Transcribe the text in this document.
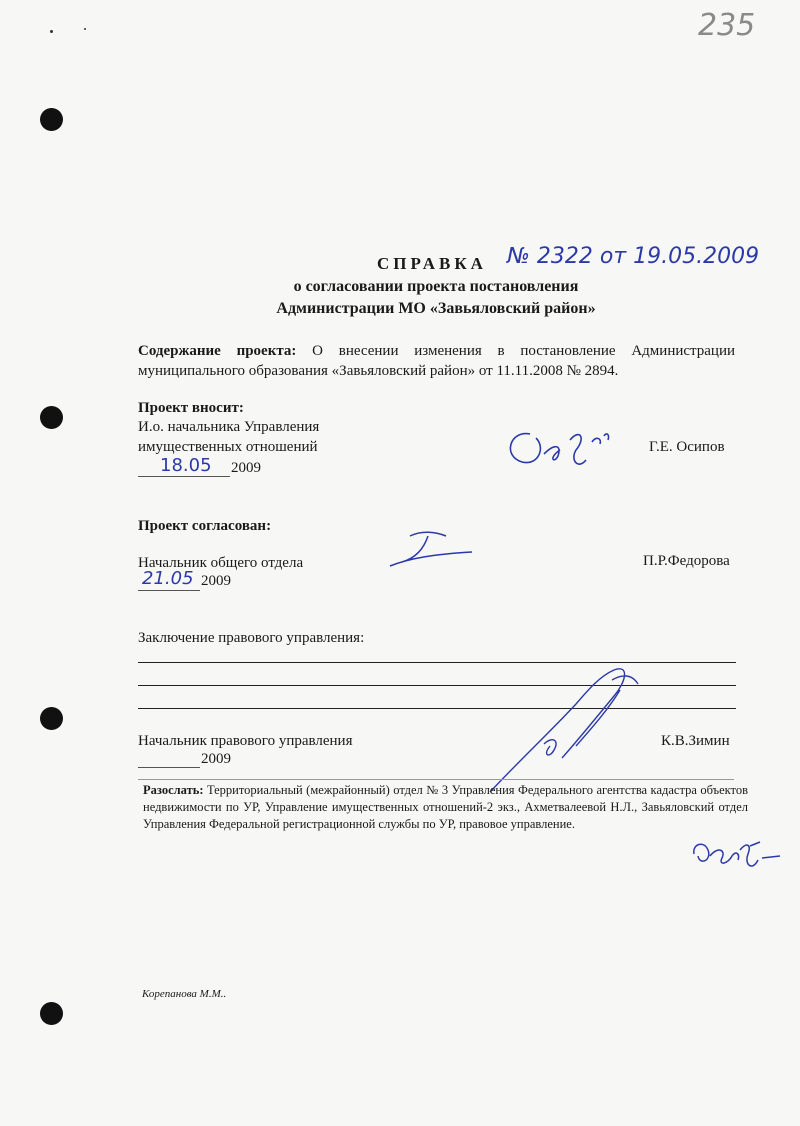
235
СПРАВКА № 2322 от 19.05.2009
о согласовании проекта постановления
Администрации МО «Завьяловский район»
Содержание проекта: О внесении изменения в постановление Администрации муниципального образования «Завьяловский район» от 11.11.2008 № 2894.
Проект вносит:
И.о. начальника Управления
имущественных отношений
18.05 2009
Г.Е. Осипов
Проект согласован:
Начальник общего отдела
21.05 2009
П.Р.Федорова
Заключение правового управления:
Начальник правового управления
2009
К.В.Зимин
Разослать: Территориальный (межрайонный) отдел № 3 Управления Федерального агентства кадастра объектов недвижимости по УР, Управление имущественных отношений-2 экз., Ахметвалеевой Н.Л., Завьяловский отдел Управления Федеральной регистрационной службы по УР, правовое управление.
Корепанова М.М..
